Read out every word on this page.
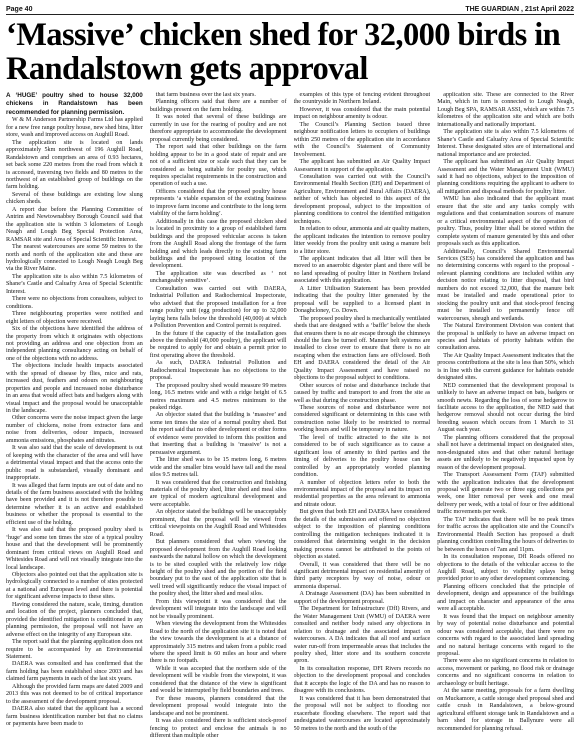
Page 40	THE GUARDIAN , 21st April 2022
‘Massive’ chicken shed for 32,000 birds in Randalstown gets approval

A ‘HUGE’ poultry shed to house 32,000 chickens in Randalstown has been recommended for planning permission.

W & M Anderson Partnership Farms Ltd has applied for a new free range poultry house, new shed bins, litter store, wash and improved access on Aughill Road.

The application site is located on lands approximately 5km northwest of 196 Aughill Road, Randalstown and comprises an area of 0.93 hectares, set back some 220 metres from the road from which it is accessed, traversing two fields and 80 metres to the northwest of an established group of buildings on the farm holding.

Several of these buildings are existing low slung chicken sheds.

A report due before the Planning Committee of Antrim and Newtownabbey Borough Council said that the application site is within 3 kilometers of Lough Neagh and Lough Beg Special Protection Area, RAMSAR site and Area of Special Scientific Interest.

The nearest watercourses are some 59 metres to the north and north of the application site and these are hydrologically connected to Lough Neagh Lough Beg via the River Maine.

The application site is also within 7.5 kilometres of Shane’s Castle and Caluafry Area of Special Scientific Interest.

There were no objections from consultees, subject to conditions.

Three neighbouring properties were notified and eight letters of objection were received.

Six of the objections have identified the address of the property from which it originates with objections not providing an address and one objection from an independent planning consultancy acting on behalf of one of the objections with no address.

The objections include health impacts associated with the spread of disease by flies, mice and rats, increased dust, feathers and odours on neighbouring properties and people and increased noise disturbance in an area that would affect bats and badgers along with visual impact and the proposal would be unacceptable in the landscape.

Other concerns were the noise impact given the large number of chickens, noise from extractor fans and noise from deliveries, odour impacts, increased ammonia emissions, phosphates and nitrates.

It was also said that the scale of development is out of keeping with the character of the area and will have a detrimental visual impact and that the access onto the public road is substandard, visually dominant and inappropriate.

It was alleged that farm inputs are out of date and no details of the farm business associated with the holding have been provided and it is not therefore possible to determine whether it is an active and established business or whether the proposal is essential to the efficient use of the holding.

It was also said that the proposed poultry shed is ‘huge’ and some ten times the size of a typical poultry house and that the development will be prominently dominant from critical views on Aughill Road and Whitesides Road and will not visually integrate into the local landscape.

Objectors also pointed out that the application site is hydrologically connected to a number of sites protected at a national and European level and there is potential for significant adverse impacts to these sites.

Having considered the nature, scale, timing, duration and location of the project, planners concluded that, provided the identified mitigation is conditioned in any planning permission, the proposal will not have an adverse effect on the integrity of any European site.

The report said that the planning application does not require to be accompanied by an Environmental Statement.

DAERA was consulted and has confirmed that the farm holding has been established since 2003 and has claimed farm payments in each of the last six years.

Although the provided farm maps are dated 2009 and 2013 this was not deemed to be of critical importance to the assessment of the development proposal.

DAERA also stated that the applicant has a second farm business identification number but that no claims or payments have been made to

that farm business over the last six years.

Planning officers said that there are a number of buildings present on the farm holding.

It was noted that several of these buildings are currently in use for the rearing of poultry and are not therefore appropriate to accommodate the development proposal currently being considered.

The report said that other buildings on the farm holding appear to be in a good state of repair and are not of a sufficient size or scale such that they can be considered as being suitable for poultry use, which requires specialist requirements in the construction and operation of such a use.

Officers considered that the proposed poultry house represents ‘a viable expansion of the existing business to improve farm income and contribute to the long term viability of the farm holding’.

Additionally in this case the proposed chicken shed is located in proximity to a group of established farm buildings and the proposed vehicular access is taken from the Aughill Road along the frontage of the farm holding and which leads directly to the existing farm buildings and the proposed siting location of the development.

The application site was described as ‘ not unchangeably sensitive’.

Consultation was carried out with DAERA, Industrial Pollution and Radiochemical Inspectorate, who advised that the proposed installation for a free range poultry unit (egg production) for up to 32,000 laying hens falls below the threshold (40,000) at which a Pollution Prevention and Control permit is required.

In the future if the capacity of the installation goes above the threshold (40,000 poultry), the applicant will be required to apply for and obtain a permit prior to first operating above the threshold.

As such, DAERA Industrial Pollution and Radiochemical Inspectorate has no objections to the proposal.

The proposed poultry shed would measure 99 metres long, 16.5 metres wide and with a ridge height of 6.5 metres maximum and 4.5 metres minimum to the peaked ridge.

An objector stated that the building is ‘massive’ and some ten times the size of a normal poultry shed. But the report said that no other development or other forms of evidence were provided to inform this position and that inserting that a building is ‘massive’ is not a persuasive argument.

The litter shed was to be 15 metres long, 6 metres wide and the smaller bins would have tall and the meal silos 9.5 metres tall.

It was considered that the construction and finishing materials of the poultry shed, litter shed and meal silos are typical of modern agricultural development and were acceptable.

An objector stated the buildings will be unacceptably prominent, that the proposal will be viewed from critical viewpoints on the Aughill Road and Whitesides Road.

But planners considered that when viewing the proposed development from the Aughill Road looking eastwards the natural hollow on which the development is to be sited coupled with the relatively low ridge height of the poultry shed and the portion of the field boundary put to the east of the application site that is well treed will significantly reduce the visual impact of the poultry shed, the litter shed and meal silos.

From this viewpoint it was considered that the development will integrate into the landscape and will not be visually prominent.

When viewing the development from the Whitesides Road to the north of the application site it is noted that the view towards the development is at a distance of approximately 315 metres and taken from a public road where the speed limit is 60 miles an hour and where there is no footpath.

While it was accepted that the northern side of the development will be visible from the viewpoint, it was considered that the distance of the view is significant and would be interrupted by field boundaries and trees.

For these reasons, planners considered that the development proposal would integrate into the landscape and not be prominent.

It was also considered there is sufficient stock-proof fencing to protect and enclose the animals is no different than multiple other

examples of this type of fencing evident throughout the countryside in Northern Ireland.

However, it was considered that the main potential impact on neighbour amenity is odour.

The Council’s Planning Section issued three neighbour notification letters to occupiers of buildings within 250 metres of the application site in accordance with the Council’s Statement of Community Involvement.

The applicant has submitted an Air Quality Impact Assessment in support of the application.

Consultation was carried out with the Council’s Environmental Health Section (EH) and Department of Agriculture, Environment and Rural Affairs (DAERA), neither of which has objected to this aspect of the development proposal, subject to the imposition of planning conditions to control the identified mitigation techniques.

In relation to odour, ammonia and air quality matters, the applicant indicates the intention to remove poultry litter weekly from the poultry unit using a manure belt to a litter store.

The applicant indicates that all litter will then be moved to an anaerobic digester plant and there will be no land spreading of poultry litter in Northern Ireland associated with this application.

A Litter Utilisation Statement has been provided indicating that the poultry litter generated by the proposal will be supplied to a licensed plant in Donaghcloney, Co. Down.

The proposed poultry shed is mechanically ventilated sheds that are designed with a ‘baffle’ below the sheds that ensures there is no air escape through the chimneys should the fans be turned off. Manure belt systems are installed to close over to ensure that there is no air escaping when the extraction fans are off/closed. Both EH and DAERA considered the detail of the Air Quality Impact Assessment and have raised no objections to the proposal subject to conditions.

Other sources of noise and disturbance include that caused by traffic and transport to and from the site as well as that during the construction phase.

These sources of noise and disturbance were not considered significant or determining in this case with construction noise likely to be restricted to normal working hours and will be temporary in nature.

The level of traffic attracted to the site is not considered to be of such significance as to cause a significant loss of amenity to third parties and the timing of deliveries to the poultry house can be controlled by an appropriately worded planning condition.

A number of objection letters refer to both the environmental impact of the proposal and its impact on residential properties as the area relevant to ammonia and nitrate odour.

But given that both EH and DAERA have considered the details of the submission and offered no objection subject to the imposition of planning conditions controlling the mitigation techniques indicated it is considered that determining weight in the decision making process cannot be attributed to the points of objection as stated.

Overall, it was considered that there will be no significant detrimental impact on residential amenity of third party receptors by way of noise, odour or ammonia dispersal.

A Drainage Assessment (DA) has been submitted in support of the development proposal.

The Department for Infrastructure (DfI) Rivers, and the Water Management Unit (WMU) of DAERA were consulted and neither body raised any objections in relation to drainage and the associated impact on watercourses. A DA indicates that all roof and surface water run-off from impermeable areas that includes the poultry shed, litter store and its southern concrete apron.

In its consultation response, DFI Rivers records no objection to the development proposal and concludes that it accepts the logic of the DA and has no reason to disagree with its conclusions.

It was considered that it has been demonstrated that the proposal will not be subject to flooding nor exacerbate flooding elsewhere. The report said that undesignated watercourses are located approximately 50 metres to the north and the south of the

application site. These are connected to the River Main, which in turn is connected to Lough Neagh, Lough Beg SPA, RAMSAR ASSI, which are within 7.5 kilometres of the application site and which are both internationally and nationally important.

The application site is also within 7.5 kilometres of Shane’s Castle and Caluafry Area of Special Scientific Interest. These designated sites are of international and national importance and are protected.

The applicant has submitted an Air Quality Impact Assessment and the Water Management Unit (WMU) said it had no objections, subject to the imposition of planning conditions requiring the applicant to adhere to all mitigation and disposal methods for poultry litter.

WMU has also indicated that the applicant must ensure that the site and any tanks comply with regulations and that contamination sources of manure or a critical environmental aspect of the operation of poultry. Thus, poultry litter shall be stored within the complete system of manure generated by this and other proposals such as this application.

Additionally, Council’s Shared Environmental Services (SES) has considered the application and has no determining concerns with regard to the proposal - relevant planning conditions are included within any decision notice relating to litter disposal, that bird numbers do not exceed 32,000, that the manure belt must be installed and made operational prior to stocking the poultry unit and that stock-proof fencing must be installed to permanently fence off watercourses, sheugh and wetlands.

The Natural Environment Division was content that the proposal is unlikely to have an adverse impact on species and habitats of priority habitats within the consultation area.

The Air Quality Impact Assessment indicates that the process contributions at the site is less than 50%, which is in line with the current guidance for habitats outside designated sites.

NED commented that the development proposal is unlikely to have an adverse impact on bats, badgers or smooth newts. Regarding the loss of some hedgerow to facilitate access to the application, the NED said that hedgerow removal should not occur during the bird breeding season which occurs from 1 March to 31 August each year.

The planning officers considered that the proposal shall not have a detrimental impact on designated sites, non-designated sites and that other natural heritage assets are unlikely to be negatively impacted upon by reason of the development proposal.

The Transport Assessment Form (TAF) submitted with the application indicates that the development proposal will generate two or three egg collections per week, one litter removal per week and one meal delivery per week, with a total of four or five additional traffic movements per week.

The TAF indicates that there will be no peak times for traffic across the application site and the Council’s Environmental Health Section has proposed a draft planning condition controlling the hours of deliveries to be between the hours of 7am and 11pm.

In its consultation response, DfI Roads offered no objections to the details of the vehicular access to the Aughill Road, subject to visibility splays being provided prior to any other development commencing.

Planning officers concluded that the principle of development, design and appearance of the buildings and impact on character and appearance of the area were all acceptable.

It was found that the impact on neighbour amenity by way of potential noise disturbance and potential odour was considered acceptable, that there were no concerns with regard to the associated land spreading and no natural heritage concerns with regard to the proposal.

There were also no significant concerns in relation to access, movement or parking, no flood risk or drainage concerns and no significant concerns in relation to archaeology or built heritage.

At the same meeting, proposals for a farm dwelling on Muckamore, a cattle storage shed proposal shed and cattle crush in Randalstown, a below-ground agricultural effluent storage tank in Randalstown and a barn shed for storage in Ballynure were all recommended for planning refusal.
